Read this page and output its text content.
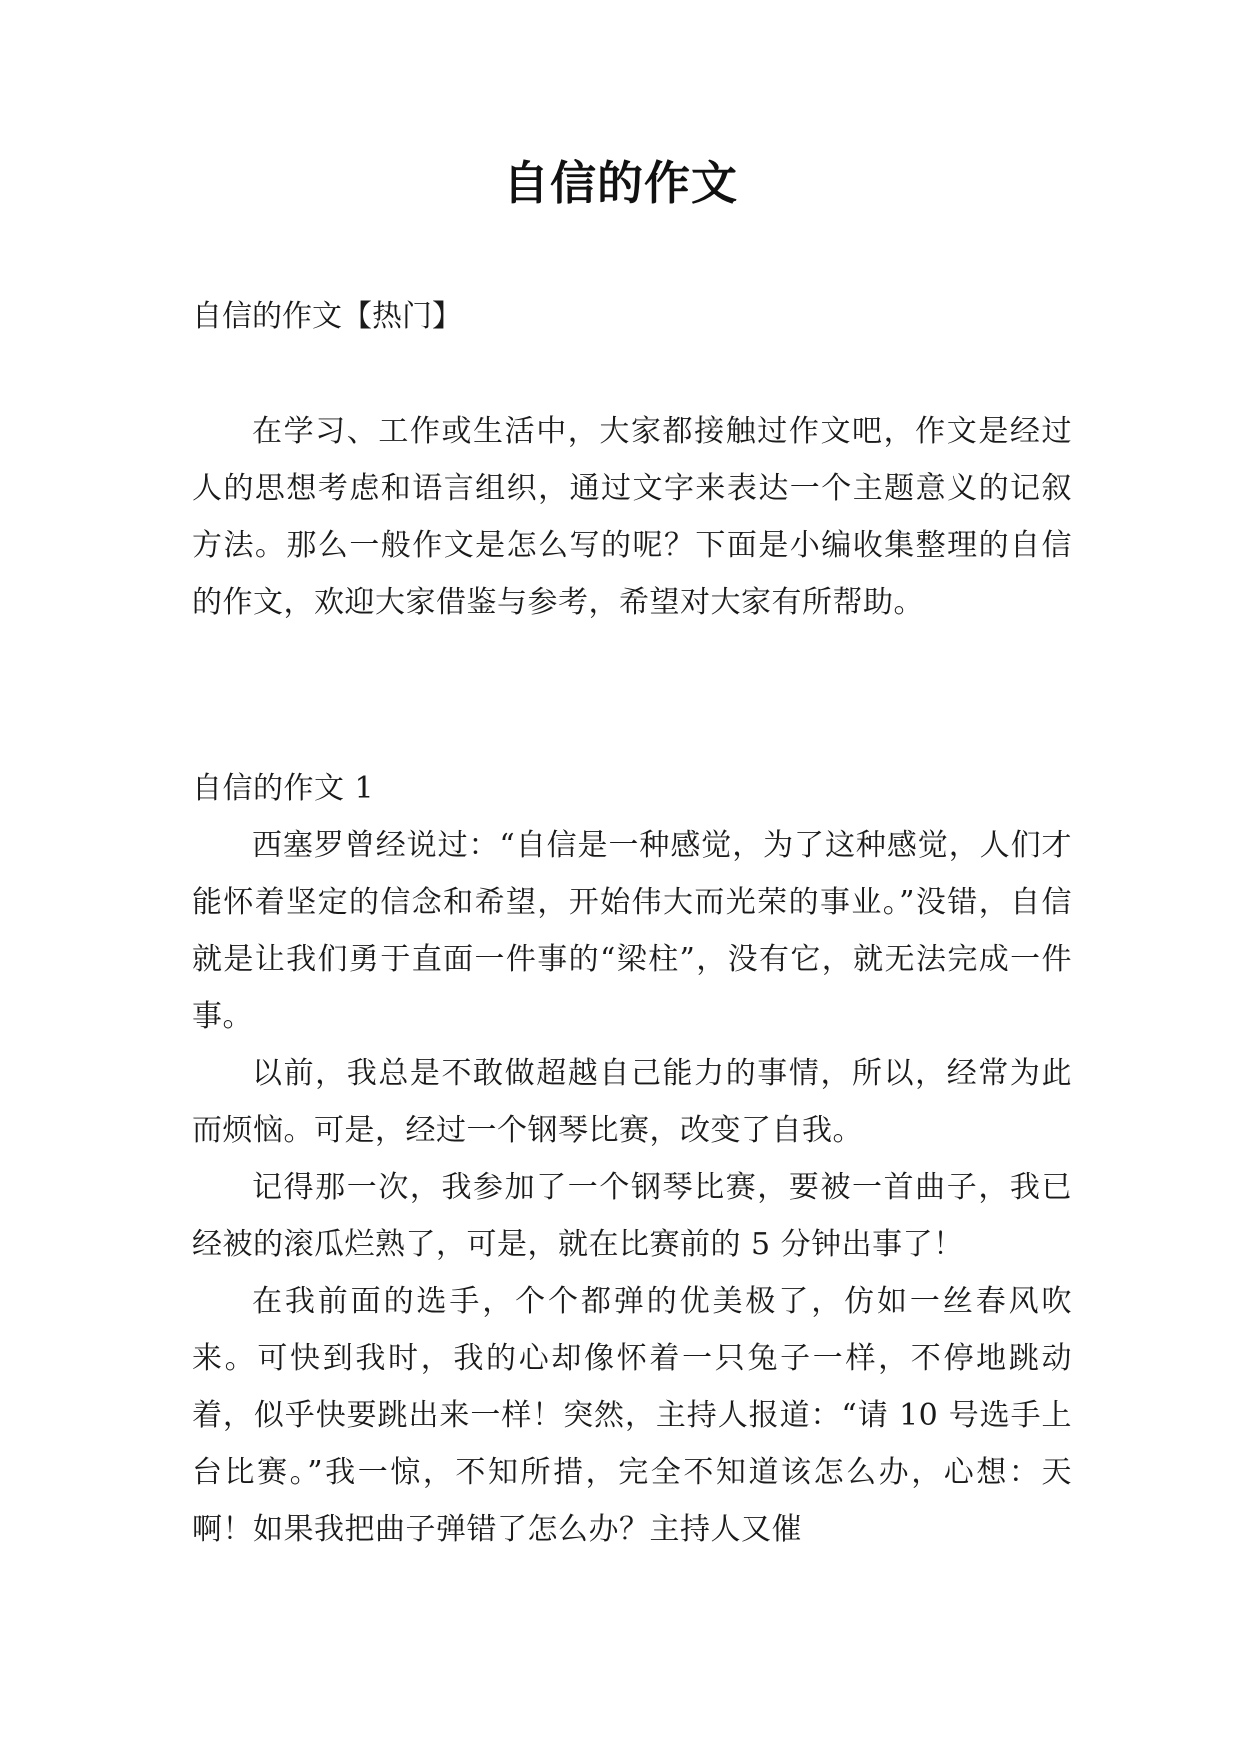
自信的作文
自信的作文【热门】

在学习、工作或生活中，大家都接触过作文吧，作文是经过人的思想考虑和语言组织，通过文字来表达一个主题意义的记叙方法。那么一般作文是怎么写的呢？下面是小编收集整理的自信的作文，欢迎大家借鉴与参考，希望对大家有所帮助。

自信的作文 1

西塞罗曾经说过：“自信是一种感觉，为了这种感觉，人们才能怀着坚定的信念和希望，开始伟大而光荣的事业。”没错，自信就是让我们勇于直面一件事的“梁柱”，没有它，就无法完成一件事。

以前，我总是不敢做超越自己能力的事情，所以，经常为此而烦恼。可是，经过一个钢琴比赛，改变了自我。

记得那一次，我参加了一个钢琴比赛，要被一首曲子，我已经被的滚瓜烂熟了，可是，就在比赛前的 5 分钟出事了！

在我前面的选手，个个都弹的优美极了，仿如一丝春风吹来。可快到我时，我的心却像怀着一只兔子一样，不停地跳动着，似乎快要跳出来一样！突然，主持人报道：“请 10 号选手上台比赛。”我一惊，不知所措，完全不知道该怎么办，心想：天啊！如果我把曲子弹错了怎么办？主持人又催
